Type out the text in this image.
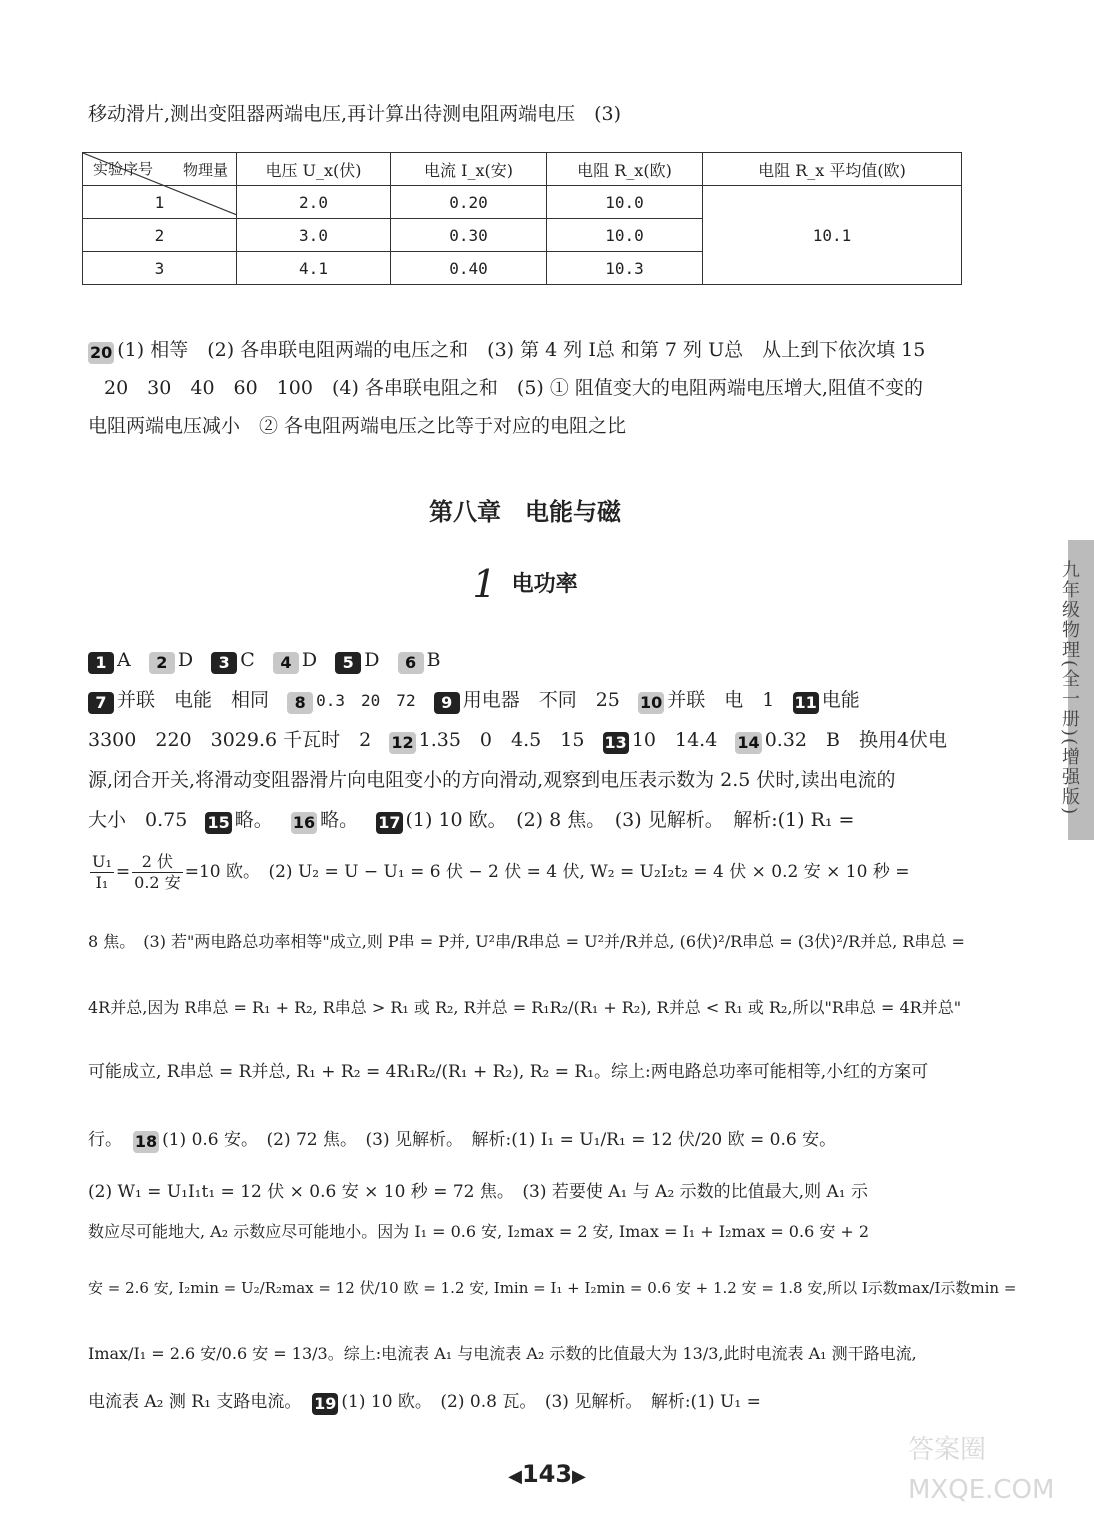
移动滑片,测出变阻器两端电压,再计算出待测电阻两端电压　(3)
物理量
实验序号	电压 U_x(伏)	电流 I_x(安)	电阻 R_x(欧)	电阻 R_x 平均值(欧)
1	2.0	0.20	10.0	10.1
2	3.0	0.30	10.0	
3	4.1	0.40	10.3	
20 (1) 相等　(2) 各串联电阻两端的电压之和　(3) 第 4 列 I总 和第 7 列 U总　从上到下依次填 15
20　30　40　60　100　(4) 各串联电阻之和　(5) ① 阻值变大的电阻两端电压增大,阻值不变的
电阻两端电压减小　② 各电阻两端电压之比等于对应的电阻之比
第八章　电能与磁
1 电功率
1 A 2 D 3 C 4 D 5 D 6 B
7 并联　电能　相同 8 0.3　20　72 9 用电器　不同　25 10 并联　电　1 11 电能
3300　220　3029.6 千瓦时　2 12 1.35　0　4.5　15 13 10　14.4 14 0.32　B　换用4伏电
源,闭合开关,将滑动变阻器滑片向电阻变小的方向滑动,观察到电压表示数为 2.5 伏时,读出电流的
大小　0.75 15 略。 16 略。 17 (1) 10 欧。　(2) 8 焦。　(3) 见解析。　解析:(1) R₁ =
$\frac{\text{U₁}}{\text{I₁}} = \frac{\text{2 伏}}{\text{0.2 安}} =10$ 欧。　(2) U₂ = U − U₁ = 6 伏 − 2 伏 = 4 伏, W₂ = U₂I₂t₂ = 4 伏 × 0.2 安 × 10 秒 =
8 焦。　(3) 若"两电路总功率相等"成立,则 P串 = P并, U²串/R串总 = U²并/R并总, (6伏)²/R串总 = (3伏)²/R并总, R串总 =
4R并总,因为 R串总 = R₁ + R₂, R串总 > R₁ 或 R₂, R并总 = R₁R₂/(R₁ + R₂), R并总 < R₁ 或 R₂,所以"R串总 = 4R并总"
可能成立, R串总 = R并总, R₁ + R₂ = 4R₁R₂/(R₁ + R₂), R₂ = R₁。综上:两电路总功率可能相等,小红的方案可
行。 18 (1) 0.6 安。　(2) 72 焦。　(3) 见解析。　解析:(1) I₁ = U₁/R₁ = 12 伏/20 欧 = 0.6 安。
(2) W₁ = U₁I₁t₁ = 12 伏 × 0.6 安 × 10 秒 = 72 焦。　(3) 若要使 A₁ 与 A₂ 示数的比值最大,则 A₁ 示
数应尽可能地大, A₂ 示数应尽可能地小。因为 I₁ = 0.6 安, I₂max = 2 安, Imax = I₁ + I₂max = 0.6 安 + 2
安 = 2.6 安, I₂min = U₂/R₂max = 12 伏/10 欧 = 1.2 安, Imin = I₁ + I₂min = 0.6 安 + 1.2 安 = 1.8 安,所以 I示数max/I示数min =
Imax/I₁ = 2.6 安/0.6 安 = 13/3。综上:电流表 A₁ 与电流表 A₂ 示数的比值最大为 13/3,此时电流表 A₁ 测干路电流,
电流表 A₂ 测 R₁ 支路电流。 19 (1) 10 欧。　(2) 0.8 瓦。　(3) 见解析。　解析:(1) U₁ =
◀143▶
九年级物理(全一册)(增强版)
答案圈 MXQE.COM
